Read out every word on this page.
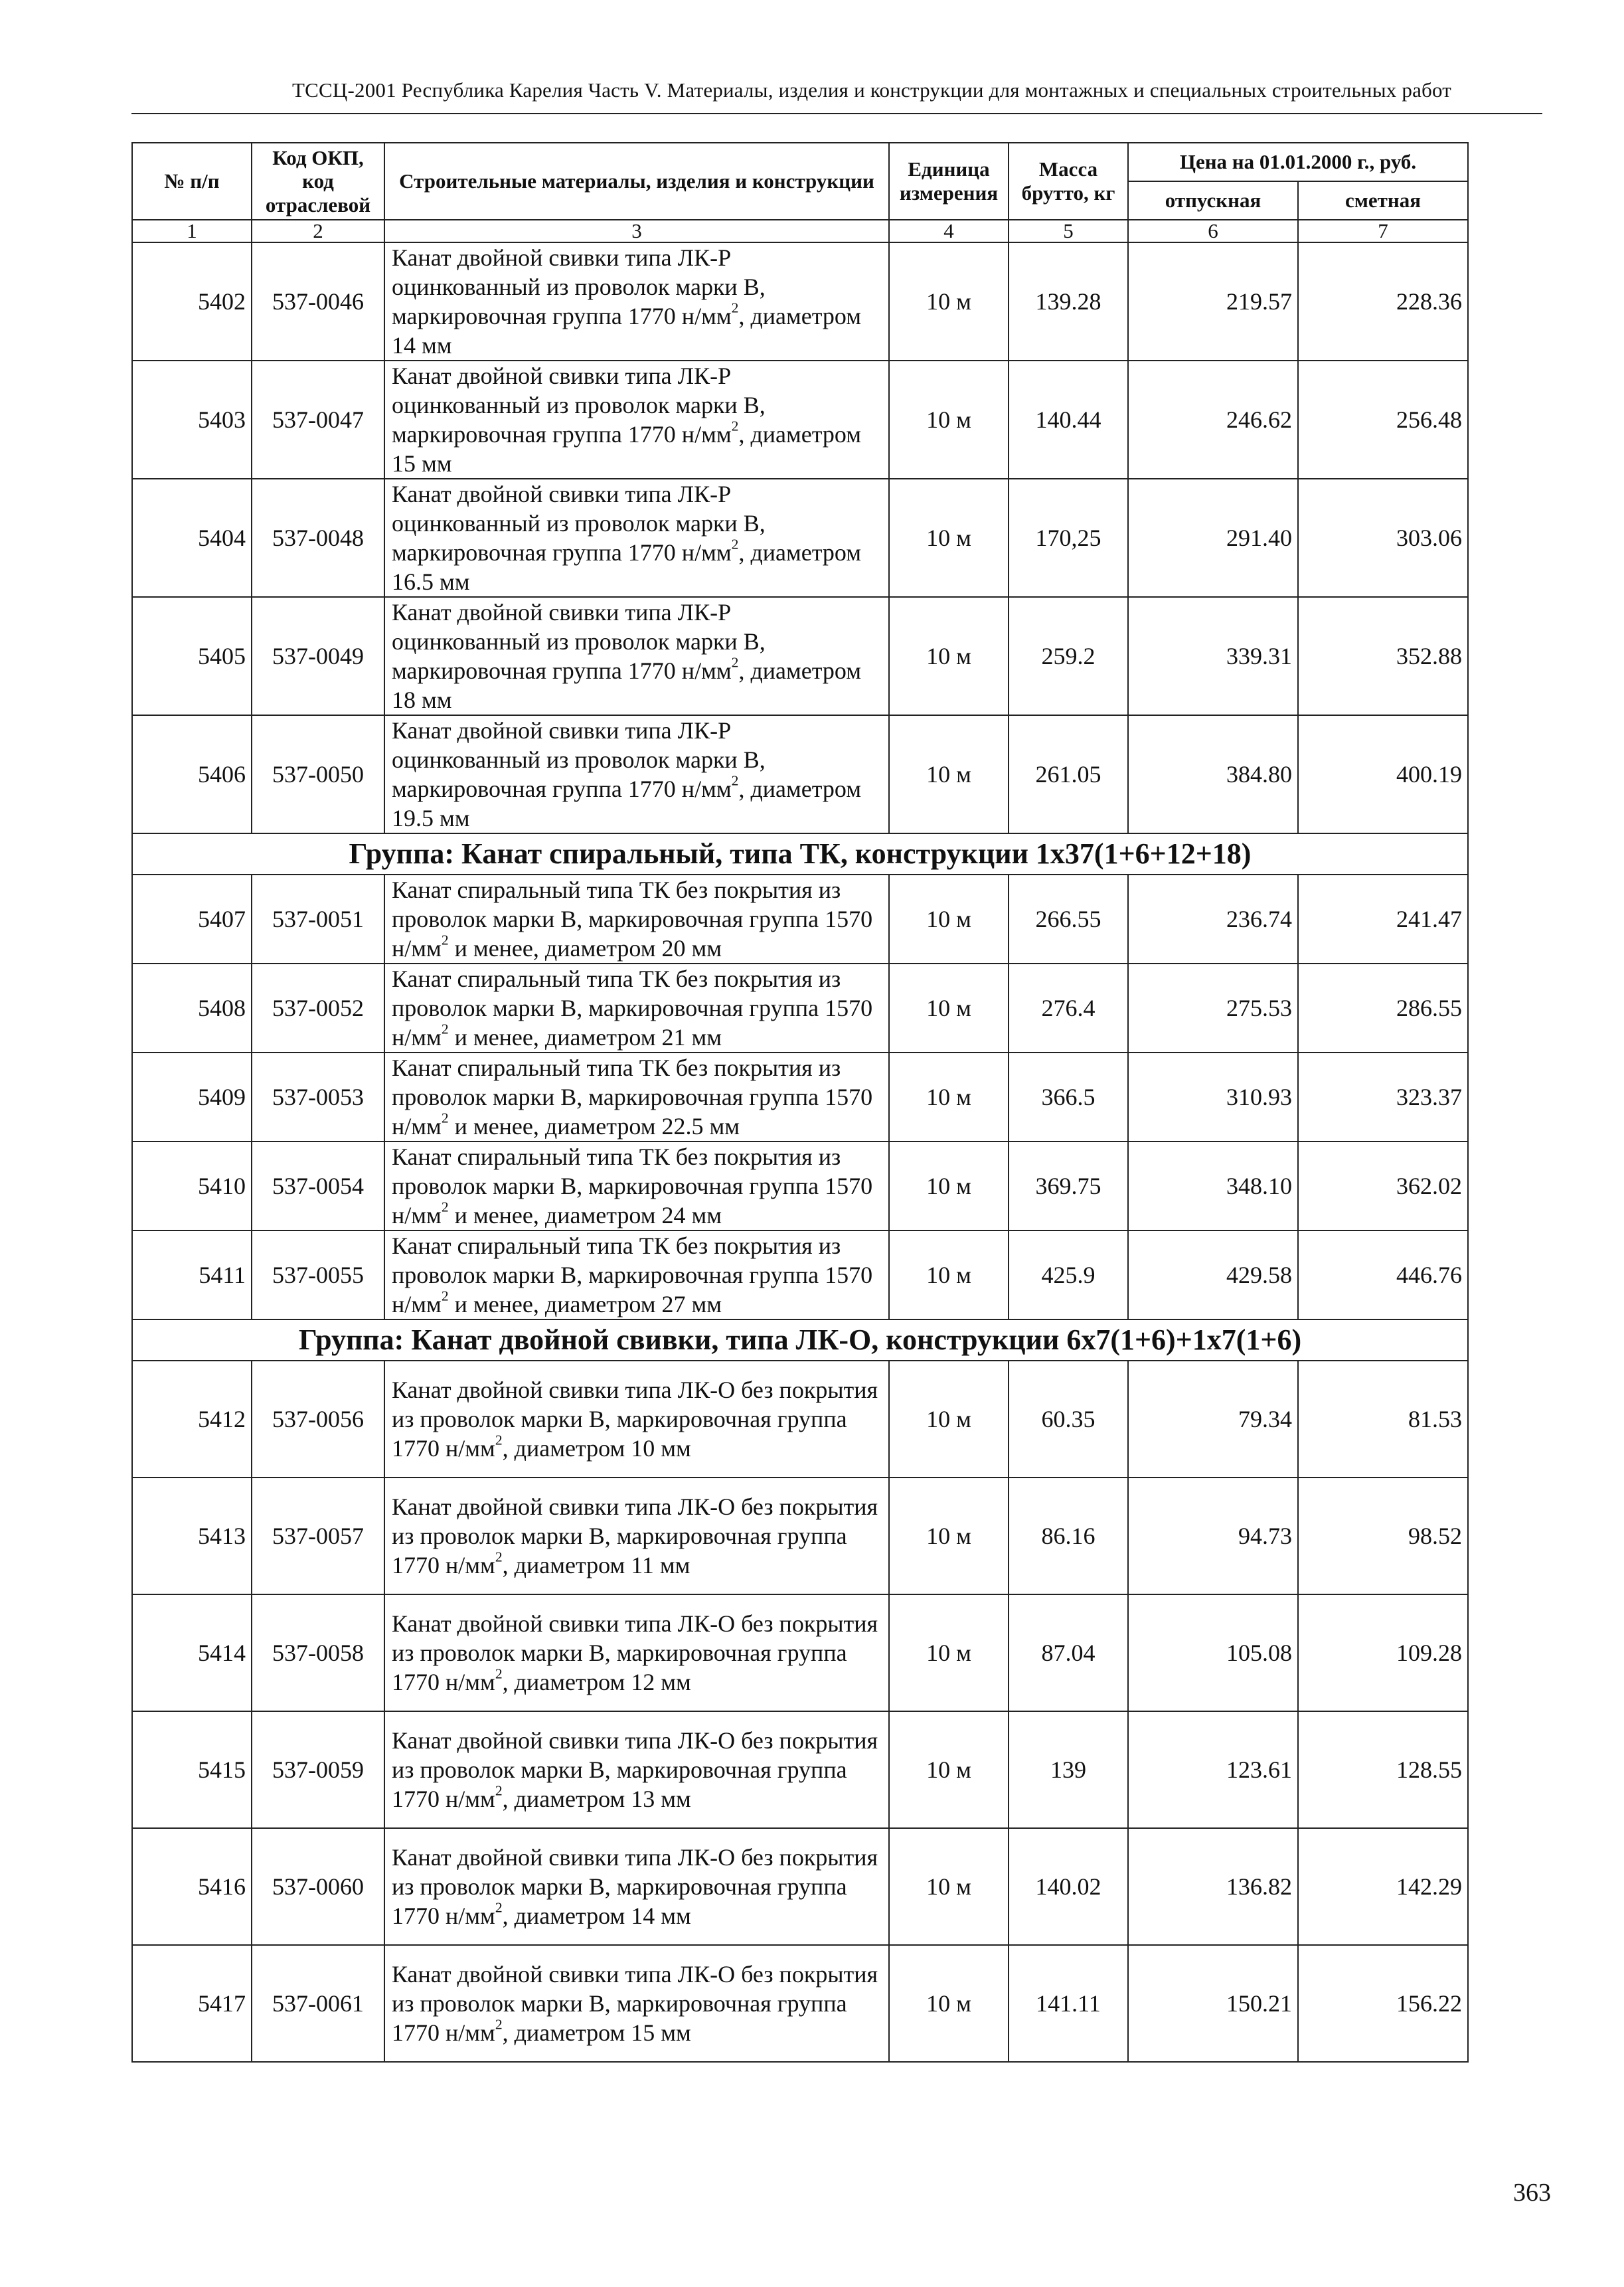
ТССЦ-2001 Республика Карелия Часть V. Материалы, изделия и конструкции для монтажных и специальных строительных работ
№ п/п	Код ОКП, код отраслевой	Строительные материалы, изделия и конструкции	Единица измерения	Масса брутто, кг	Цена на 01.01.2000 г., руб.	
					отпускная	сметная
1	2	3	4	5	6	7
5402	537-0046	Канат двойной свивки типа ЛК-Р оцинкованный из проволок марки В, маркировочная группа 1770 $н/мм^2$, диаметром 14 мм	10 м	139.28	219.57	228.36
5403	537-0047	Канат двойной свивки типа ЛК-Р оцинкованный из проволок марки В, маркировочная группа 1770 $н/мм^2$, диаметром 15 мм	10 м	140.44	246.62	256.48
5404	537-0048	Канат двойной свивки типа ЛК-Р оцинкованный из проволок марки В, маркировочная группа 1770 $н/мм^2$, диаметром 16.5 мм	10 м	170,25	291.40	303.06
5405	537-0049	Канат двойной свивки типа ЛК-Р оцинкованный из проволок марки В, маркировочная группа 1770 $н/мм^2$, диаметром 18 мм	10 м	259.2	339.31	352.88
5406	537-0050	Канат двойной свивки типа ЛК-Р оцинкованный из проволок марки В, маркировочная группа 1770 $н/мм^2$, диаметром 19.5 мм	10 м	261.05	384.80	400.19
Группа: Канат спиральный, типа ТК, конструкции 1х37(1+6+12+18)						
5407	537-0051	Канат спиральный типа ТК без покрытия из проволок марки В, маркировочная группа 1570 $н/мм^2$ и менее, диаметром 20 мм	10 м	266.55	236.74	241.47
5408	537-0052	Канат спиральный типа ТК без покрытия из проволок марки В, маркировочная группа 1570 $н/мм^2$ и менее, диаметром 21 мм	10 м	276.4	275.53	286.55
5409	537-0053	Канат спиральный типа ТК без покрытия из проволок марки В, маркировочная группа 1570 $н/мм^2$ и менее, диаметром 22.5 мм	10 м	366.5	310.93	323.37
5410	537-0054	Канат спиральный типа ТК без покрытия из проволок марки В, маркировочная группа 1570 $н/мм^2$ и менее, диаметром 24 мм	10 м	369.75	348.10	362.02
5411	537-0055	Канат спиральный типа ТК без покрытия из проволок марки В, маркировочная группа 1570 $н/мм^2$ и менее, диаметром 27 мм	10 м	425.9	429.58	446.76
Группа: Канат двойной свивки, типа ЛК-О, конструкции 6х7(1+6)+1х7(1+6)						
5412	537-0056	Канат двойной свивки типа ЛК-О без покрытия из проволок марки В, маркировочная группа 1770 $н/мм^2$, диаметром 10 мм	10 м	60.35	79.34	81.53
5413	537-0057	Канат двойной свивки типа ЛК-О без покрытия из проволок марки В, маркировочная группа 1770 $н/мм^2$, диаметром 11 мм	10 м	86.16	94.73	98.52
5414	537-0058	Канат двойной свивки типа ЛК-О без покрытия из проволок марки В, маркировочная группа 1770 $н/мм^2$, диаметром 12 мм	10 м	87.04	105.08	109.28
5415	537-0059	Канат двойной свивки типа ЛК-О без покрытия из проволок марки В, маркировочная группа 1770 $н/мм^2$, диаметром 13 мм	10 м	139	123.61	128.55
5416	537-0060	Канат двойной свивки типа ЛК-О без покрытия из проволок марки В, маркировочная группа 1770 $н/мм^2$, диаметром 14 мм	10 м	140.02	136.82	142.29
5417	537-0061	Канат двойной свивки типа ЛК-О без покрытия из проволок марки В, маркировочная группа 1770 $н/мм^2$, диаметром 15 мм	10 м	141.11	150.21	156.22
363
